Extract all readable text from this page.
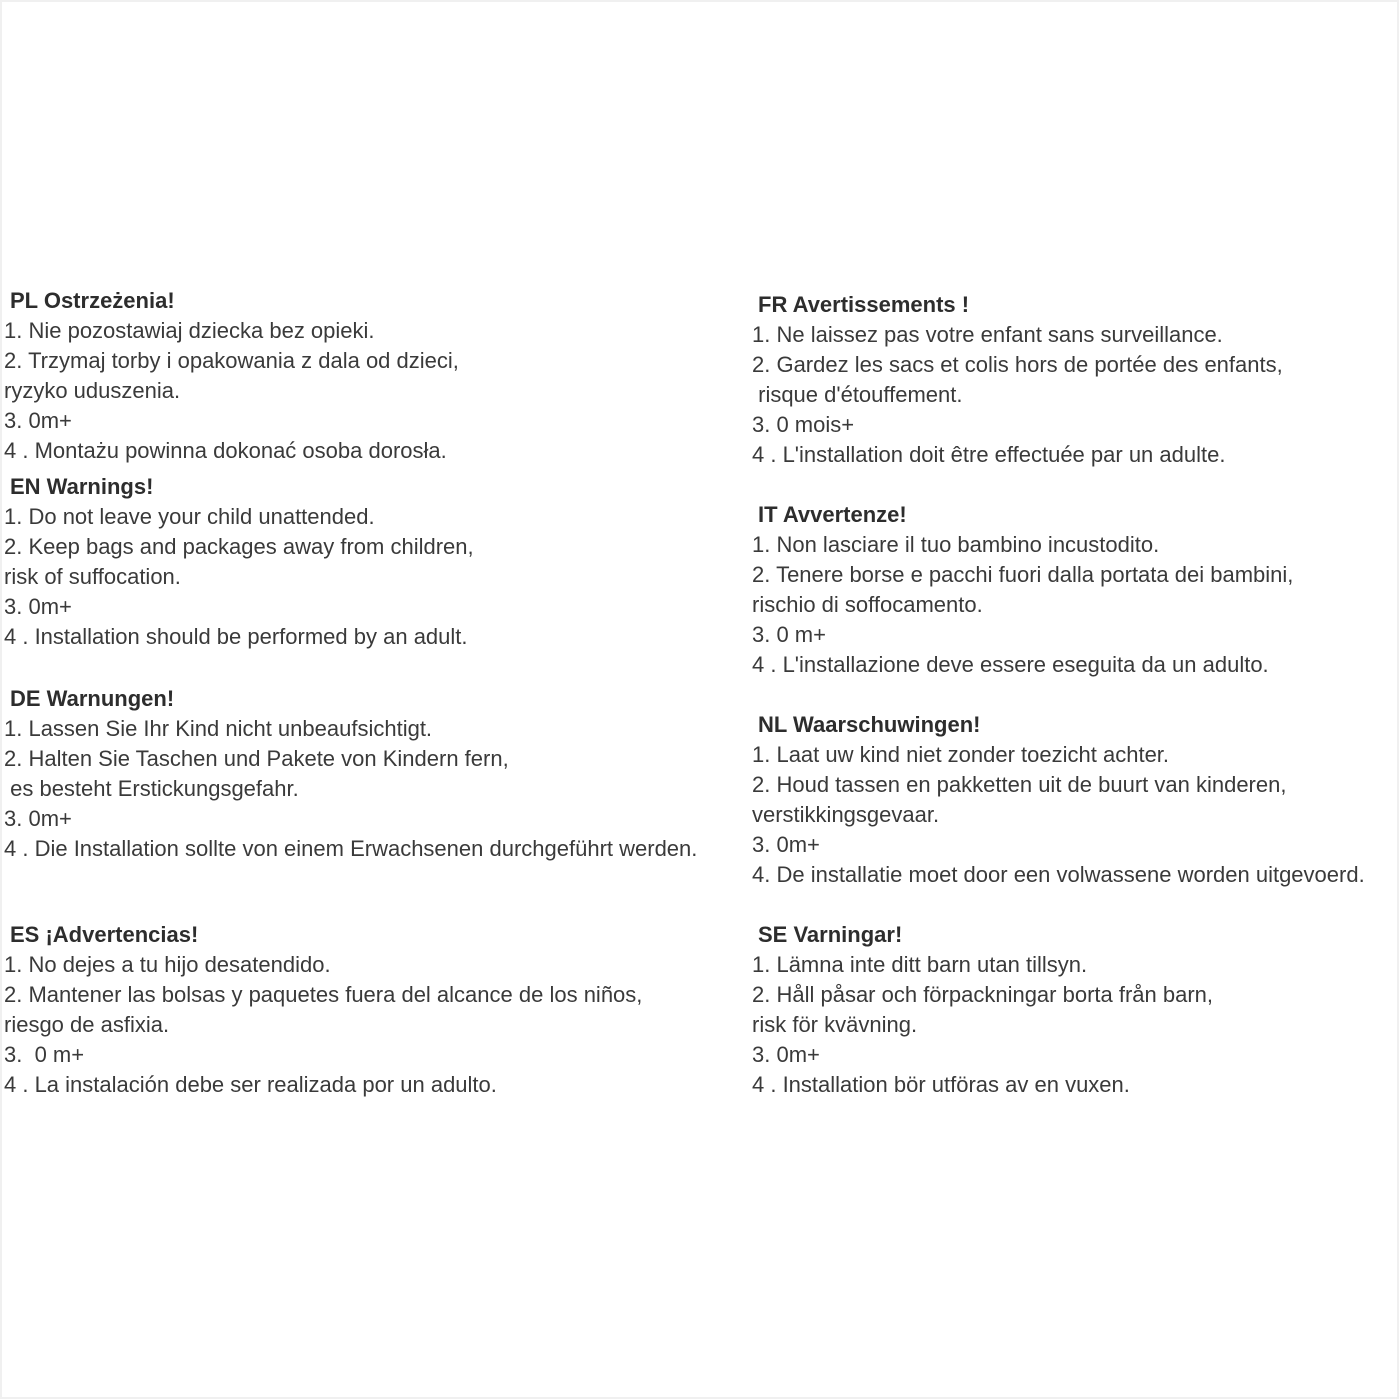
PL Ostrzeżenia!

1. Nie pozostawiaj dziecka bez opieki.

2. Trzymaj torby i opakowania z dala od dzieci,

ryzyko uduszenia.

3. 0m+

4 . Montażu powinna dokonać osoba dorosła.

EN Warnings!

1. Do not leave your child unattended.

2. Keep bags and packages away from children,

risk of suffocation.

3. 0m+

4 . Installation should be performed by an adult.

DE Warnungen!

1. Lassen Sie Ihr Kind nicht unbeaufsichtigt.

2. Halten Sie Taschen und Pakete von Kindern fern,

es besteht Erstickungsgefahr.

3. 0m+

4 . Die Installation sollte von einem Erwachsenen durchgeführt werden.

ES ¡Advertencias!

1. No dejes a tu hijo desatendido.

2. Mantener las bolsas y paquetes fuera del alcance de los niños,

riesgo de asfixia.

3.  0 m+

4 . La instalación debe ser realizada por un adulto.

FR Avertissements !

1. Ne laissez pas votre enfant sans surveillance.

2. Gardez les sacs et colis hors de portée des enfants,

risque d'étouffement.

3. 0 mois+

4 . L'installation doit être effectuée par un adulte.

IT Avvertenze!

1. Non lasciare il tuo bambino incustodito.

2. Tenere borse e pacchi fuori dalla portata dei bambini,

rischio di soffocamento.

3. 0 m+

4 . L'installazione deve essere eseguita da un adulto.

NL Waarschuwingen!

1. Laat uw kind niet zonder toezicht achter.

2. Houd tassen en pakketten uit de buurt van kinderen,

verstikkingsgevaar.

3. 0m+

4. De installatie moet door een volwassene worden uitgevoerd.

SE Varningar!

1. Lämna inte ditt barn utan tillsyn.

2. Håll påsar och förpackningar borta från barn,

risk för kvävning.

3. 0m+

4 . Installation bör utföras av en vuxen.
